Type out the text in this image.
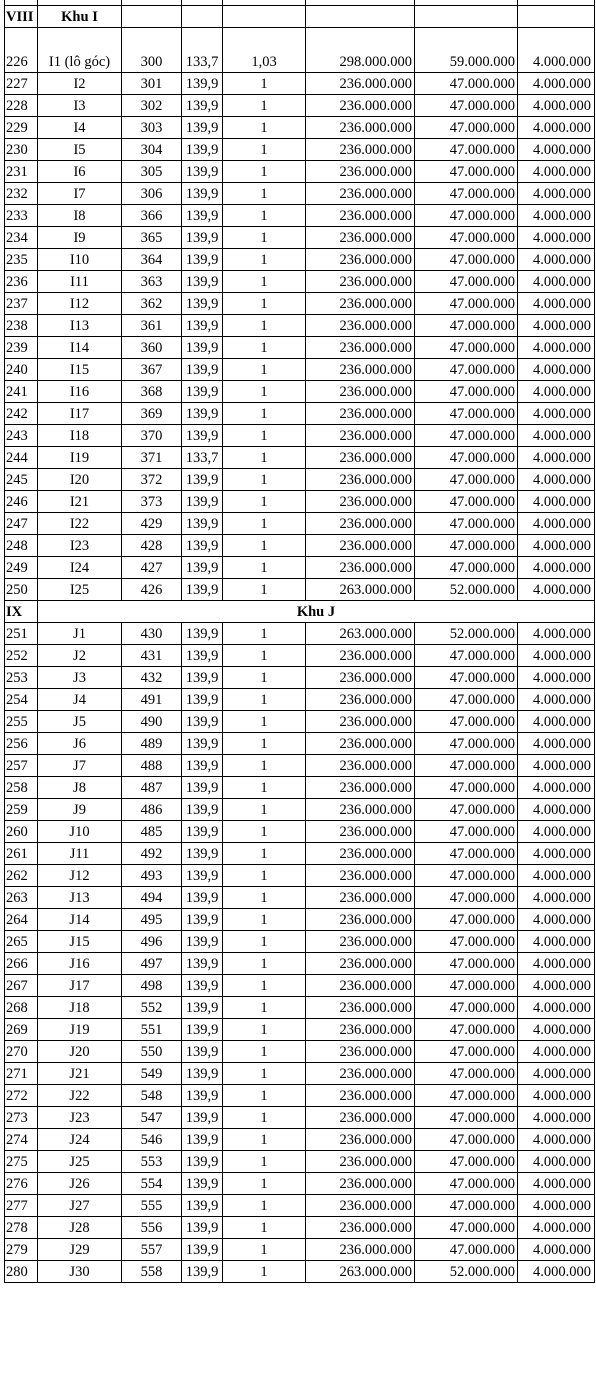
VIII	Khu I						
226	I1 (lô góc)	300	133,7	1,03	298.000.000	59.000.000	4.000.000
227	I2	301	139,9	1	236.000.000	47.000.000	4.000.000
228	I3	302	139,9	1	236.000.000	47.000.000	4.000.000
229	I4	303	139,9	1	236.000.000	47.000.000	4.000.000
230	I5	304	139,9	1	236.000.000	47.000.000	4.000.000
231	I6	305	139,9	1	236.000.000	47.000.000	4.000.000
232	I7	306	139,9	1	236.000.000	47.000.000	4.000.000
233	I8	366	139,9	1	236.000.000	47.000.000	4.000.000
234	I9	365	139,9	1	236.000.000	47.000.000	4.000.000
235	I10	364	139,9	1	236.000.000	47.000.000	4.000.000
236	I11	363	139,9	1	236.000.000	47.000.000	4.000.000
237	I12	362	139,9	1	236.000.000	47.000.000	4.000.000
238	I13	361	139,9	1	236.000.000	47.000.000	4.000.000
239	I14	360	139,9	1	236.000.000	47.000.000	4.000.000
240	I15	367	139,9	1	236.000.000	47.000.000	4.000.000
241	I16	368	139,9	1	236.000.000	47.000.000	4.000.000
242	I17	369	139,9	1	236.000.000	47.000.000	4.000.000
243	I18	370	139,9	1	236.000.000	47.000.000	4.000.000
244	I19	371	133,7	1	236.000.000	47.000.000	4.000.000
245	I20	372	139,9	1	236.000.000	47.000.000	4.000.000
246	I21	373	139,9	1	236.000.000	47.000.000	4.000.000
247	I22	429	139,9	1	236.000.000	47.000.000	4.000.000
248	I23	428	139,9	1	236.000.000	47.000.000	4.000.000
249	I24	427	139,9	1	236.000.000	47.000.000	4.000.000
250	I25	426	139,9	1	263.000.000	52.000.000	4.000.000
IX	Khu J						
251	J1	430	139,9	1	263.000.000	52.000.000	4.000.000
252	J2	431	139,9	1	236.000.000	47.000.000	4.000.000
253	J3	432	139,9	1	236.000.000	47.000.000	4.000.000
254	J4	491	139,9	1	236.000.000	47.000.000	4.000.000
255	J5	490	139,9	1	236.000.000	47.000.000	4.000.000
256	J6	489	139,9	1	236.000.000	47.000.000	4.000.000
257	J7	488	139,9	1	236.000.000	47.000.000	4.000.000
258	J8	487	139,9	1	236.000.000	47.000.000	4.000.000
259	J9	486	139,9	1	236.000.000	47.000.000	4.000.000
260	J10	485	139,9	1	236.000.000	47.000.000	4.000.000
261	J11	492	139,9	1	236.000.000	47.000.000	4.000.000
262	J12	493	139,9	1	236.000.000	47.000.000	4.000.000
263	J13	494	139,9	1	236.000.000	47.000.000	4.000.000
264	J14	495	139,9	1	236.000.000	47.000.000	4.000.000
265	J15	496	139,9	1	236.000.000	47.000.000	4.000.000
266	J16	497	139,9	1	236.000.000	47.000.000	4.000.000
267	J17	498	139,9	1	236.000.000	47.000.000	4.000.000
268	J18	552	139,9	1	236.000.000	47.000.000	4.000.000
269	J19	551	139,9	1	236.000.000	47.000.000	4.000.000
270	J20	550	139,9	1	236.000.000	47.000.000	4.000.000
271	J21	549	139,9	1	236.000.000	47.000.000	4.000.000
272	J22	548	139,9	1	236.000.000	47.000.000	4.000.000
273	J23	547	139,9	1	236.000.000	47.000.000	4.000.000
274	J24	546	139,9	1	236.000.000	47.000.000	4.000.000
275	J25	553	139,9	1	236.000.000	47.000.000	4.000.000
276	J26	554	139,9	1	236.000.000	47.000.000	4.000.000
277	J27	555	139,9	1	236.000.000	47.000.000	4.000.000
278	J28	556	139,9	1	236.000.000	47.000.000	4.000.000
279	J29	557	139,9	1	236.000.000	47.000.000	4.000.000
280	J30	558	139,9	1	263.000.000	52.000.000	4.000.000
